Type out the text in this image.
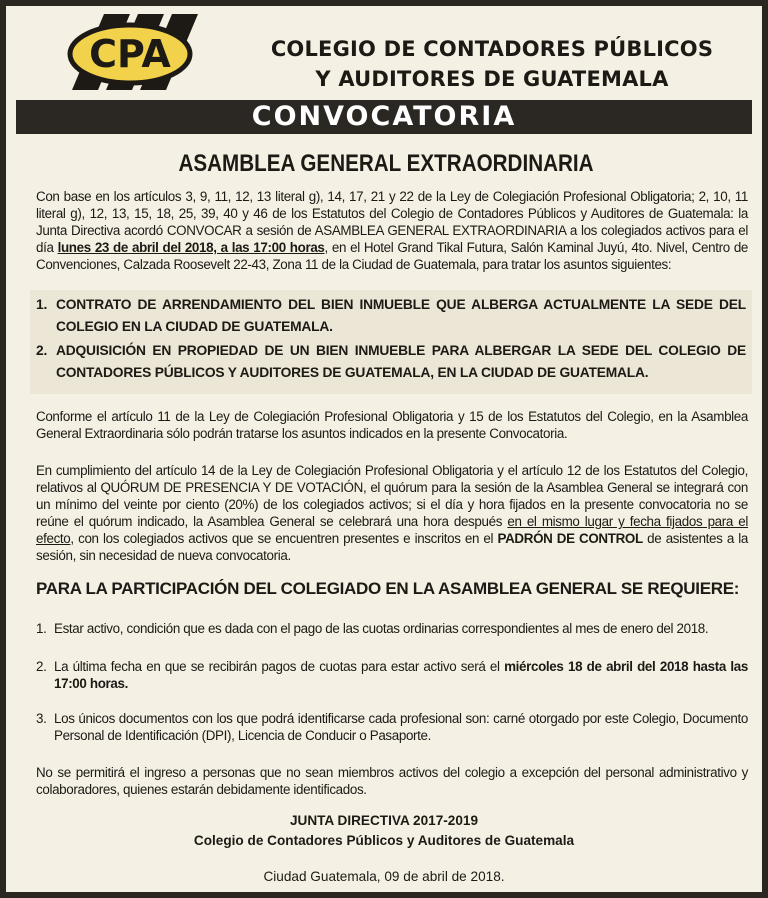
CPA	COLEGIO DE CONTADORES PÚBLICOS
Y AUDITORES DE GUATEMALA
CONVOCATORIA
ASAMBLEA GENERAL EXTRAORDINARIA
Con base en los artículos 3, 9, 11, 12, 13 literal g), 14, 17, 21 y 22 de la Ley de Colegiación Profesional Obligatoria; 2, 10, 11 literal g), 12, 13, 15, 18, 25, 39, 40 y 46 de los Estatutos del Colegio de Contadores Públicos y Auditores de Guatemala: la Junta Directiva acordó CONVOCAR a sesión de ASAMBLEA GENERAL EXTRAORDINARIA a los colegiados activos para el día lunes 23 de abril del 2018, a las 17:00 horas, en el Hotel Grand Tikal Futura, Salón Kaminal Juyú, 4to. Nivel, Centro de Convenciones, Calzada Roosevelt 22-43, Zona 11 de la Ciudad de Guatemala, para tratar los asuntos siguientes:
1. CONTRATO DE ARRENDAMIENTO DEL BIEN INMUEBLE QUE ALBERGA ACTUALMENTE LA SEDE DEL COLEGIO EN LA CIUDAD DE GUATEMALA.
2. ADQUISICIÓN EN PROPIEDAD DE UN BIEN INMUEBLE PARA ALBERGAR LA SEDE DEL COLEGIO DE CONTADORES PÚBLICOS Y AUDITORES DE GUATEMALA, EN LA CIUDAD DE GUATEMALA.
Conforme el artículo 11 de la Ley de Colegiación Profesional Obligatoria y 15 de los Estatutos del Colegio, en la Asamblea General Extraordinaria sólo podrán tratarse los asuntos indicados en la presente Convocatoria.
En cumplimiento del artículo 14 de la Ley de Colegiación Profesional Obligatoria y el artículo 12 de los Estatutos del Colegio, relativos al QUÓRUM DE PRESENCIA Y DE VOTACIÓN, el quórum para la sesión de la Asamblea General se integrará con un mínimo del veinte por ciento (20%) de los colegiados activos; si el día y hora fijados en la presente convocatoria no se reúne el quórum indicado, la Asamblea General se celebrará una hora después en el mismo lugar y fecha fijados para el efecto, con los colegiados activos que se encuentren presentes e inscritos en el PADRÓN DE CONTROL de asistentes a la sesión, sin necesidad de nueva convocatoria.
PARA LA PARTICIPACIÓN DEL COLEGIADO EN LA ASAMBLEA GENERAL SE REQUIERE:
1. Estar activo, condición que es dada con el pago de las cuotas ordinarias correspondientes al mes de enero del 2018.
2. La última fecha en que se recibirán pagos de cuotas para estar activo será el miércoles 18 de abril del 2018 hasta las 17:00 horas.
3. Los únicos documentos con los que podrá identificarse cada profesional son: carné otorgado por este Colegio, Documento Personal de Identificación (DPI), Licencia de Conducir o Pasaporte.
No se permitirá el ingreso a personas que no sean miembros activos del colegio a excepción del personal administrativo y colaboradores, quienes estarán debidamente identificados.
JUNTA DIRECTIVA 2017-2019
Colegio de Contadores Públicos y Auditores de Guatemala
Ciudad Guatemala, 09 de abril de 2018.
